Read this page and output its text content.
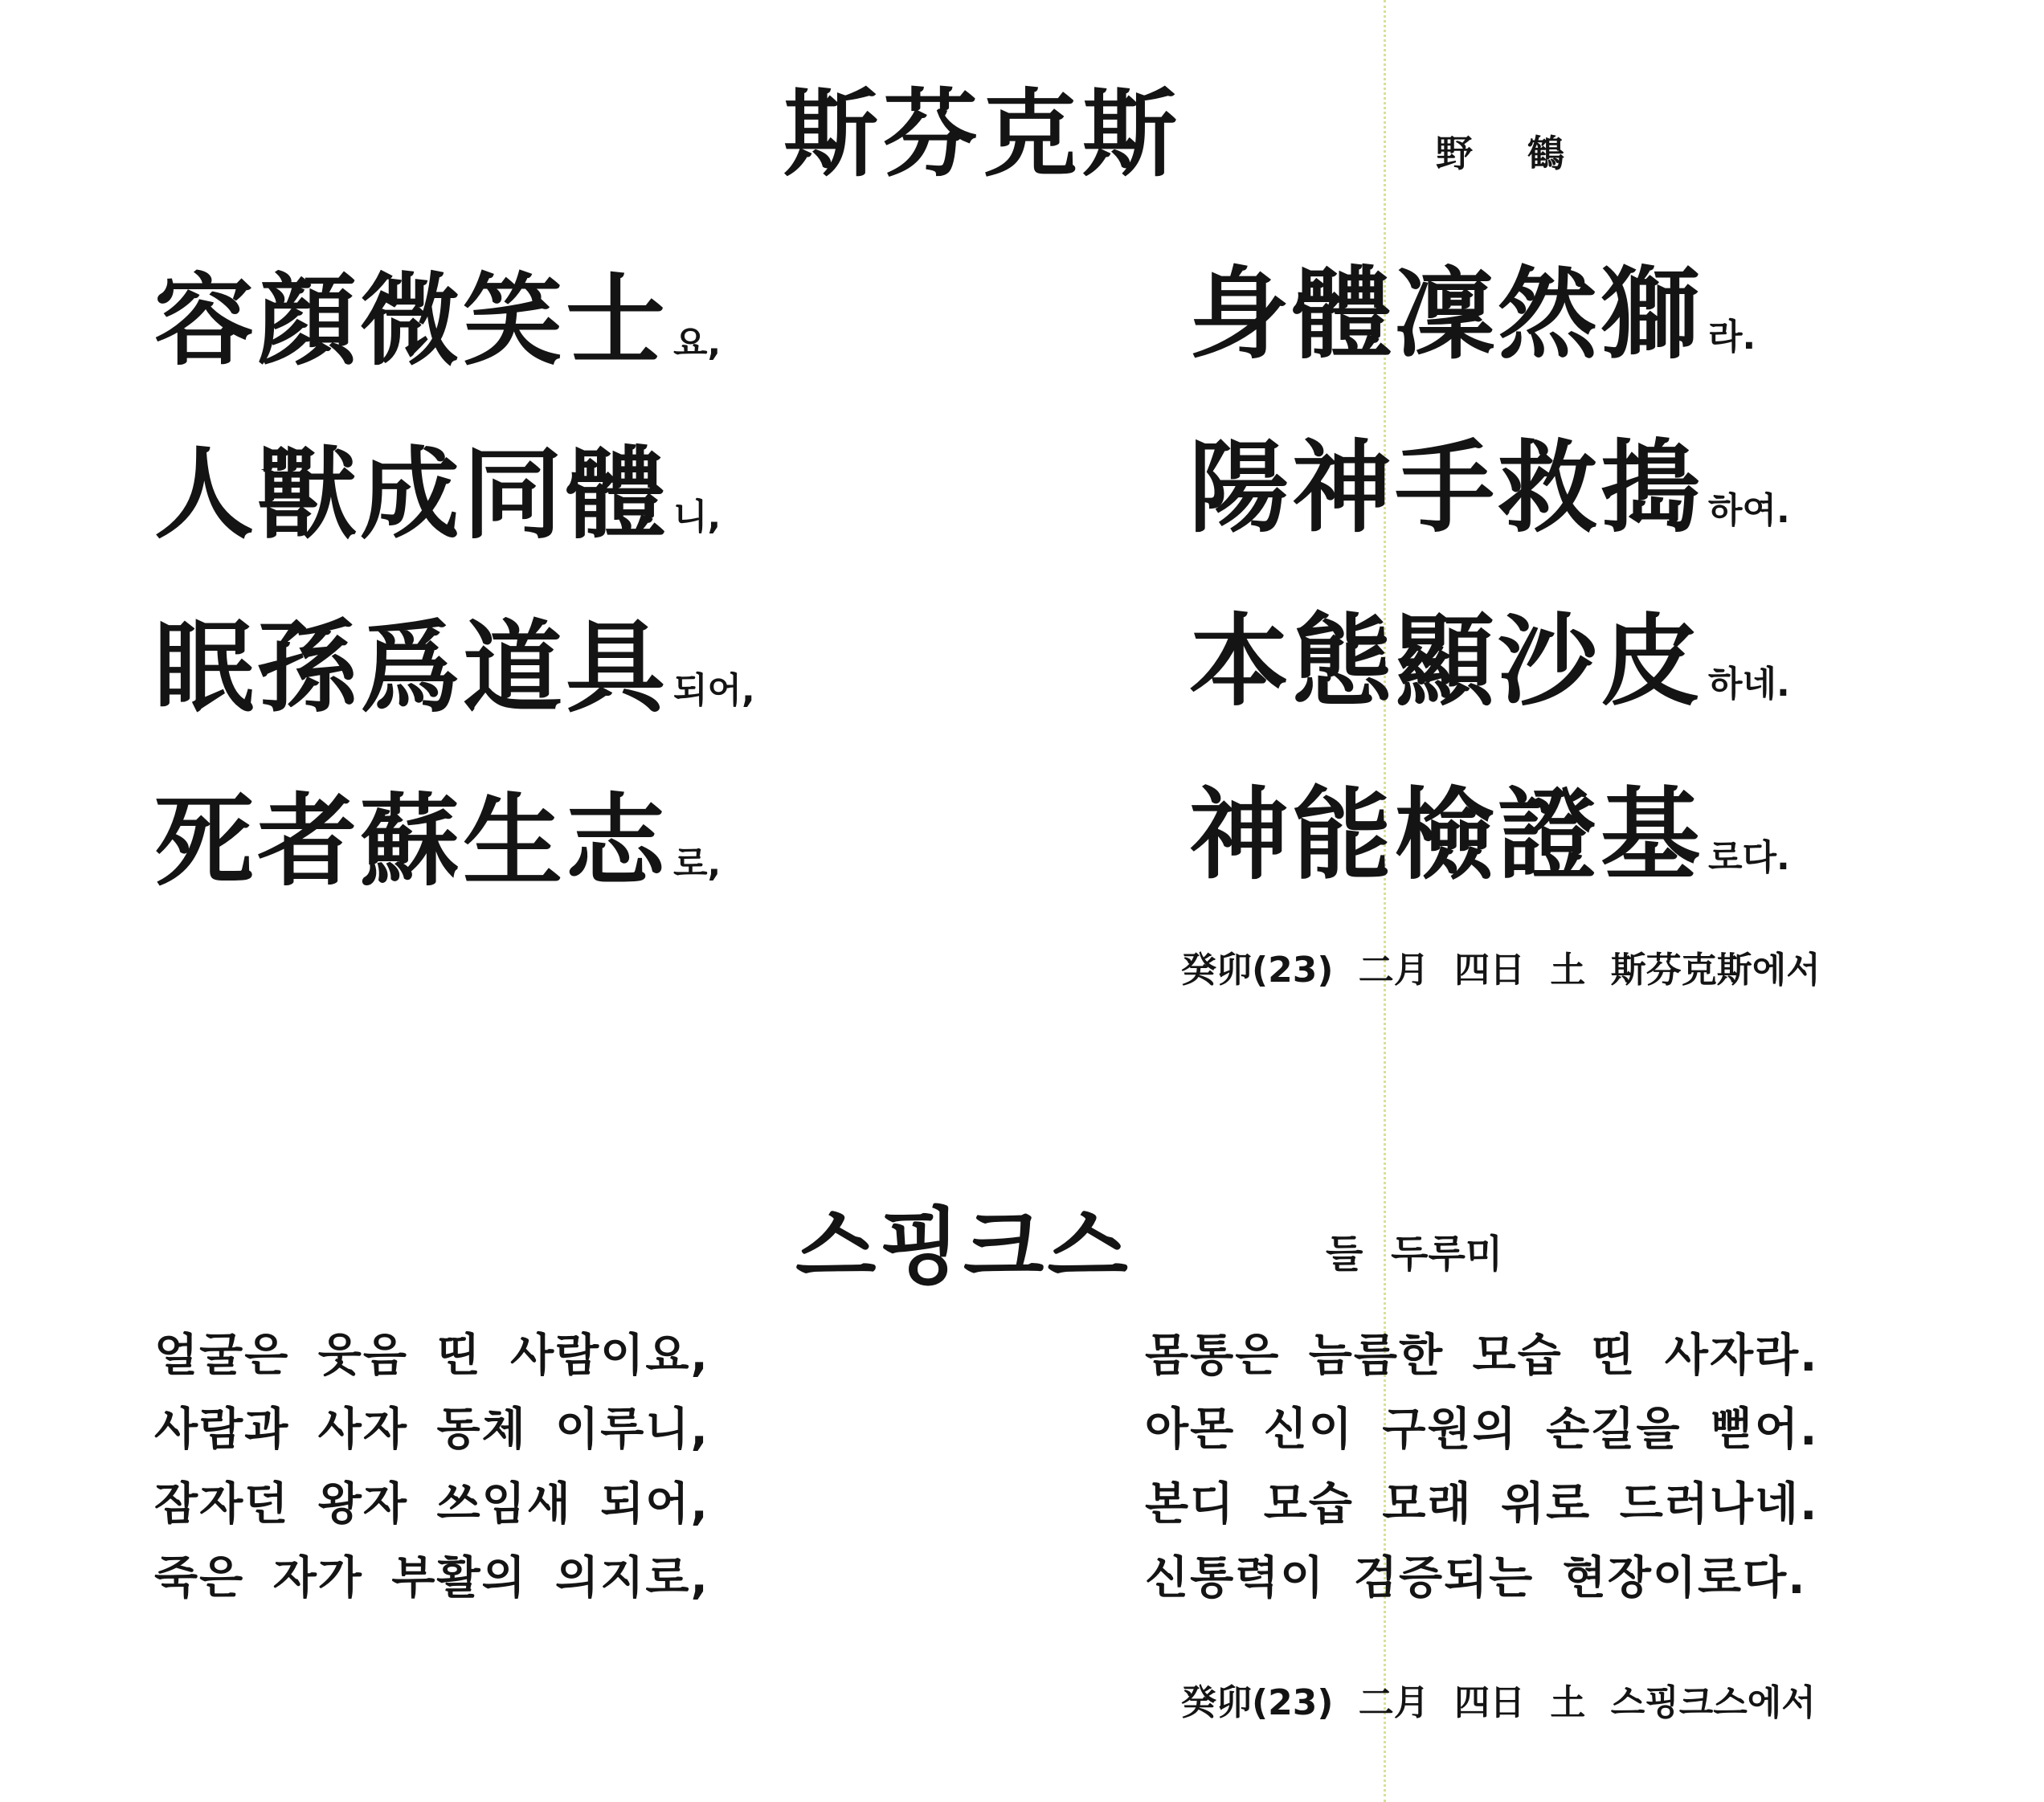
斯芬克斯	野鶴
容顔微笑士 요,
人獸成同體 니,
眠孫爲道具 되어,
死者蘇生志 로,
身體凜然獅 라.
陽神手救搗 하여.
本態顯沙皮 하네.
神能檢證基 로다.
癸卯(23) 二月 四日 土 斯芬克斯에서
스핑크스	들 두루미
얼굴은 웃음 띤 사람이요,
사람과 사자 동체 이루니,
잠자던 왕자 쓰임새 되어,
죽은 자가 부활의 의지로,
몸통은 늠름한 모습 띤 사자라.
아몬 신이 구원의 손길을 뻗어.
본디 모습 모래 위로 드러나네.
신통력이 검증되는 현장이로다.
癸卯(23) 二月 四日 土 스핑크스에서
